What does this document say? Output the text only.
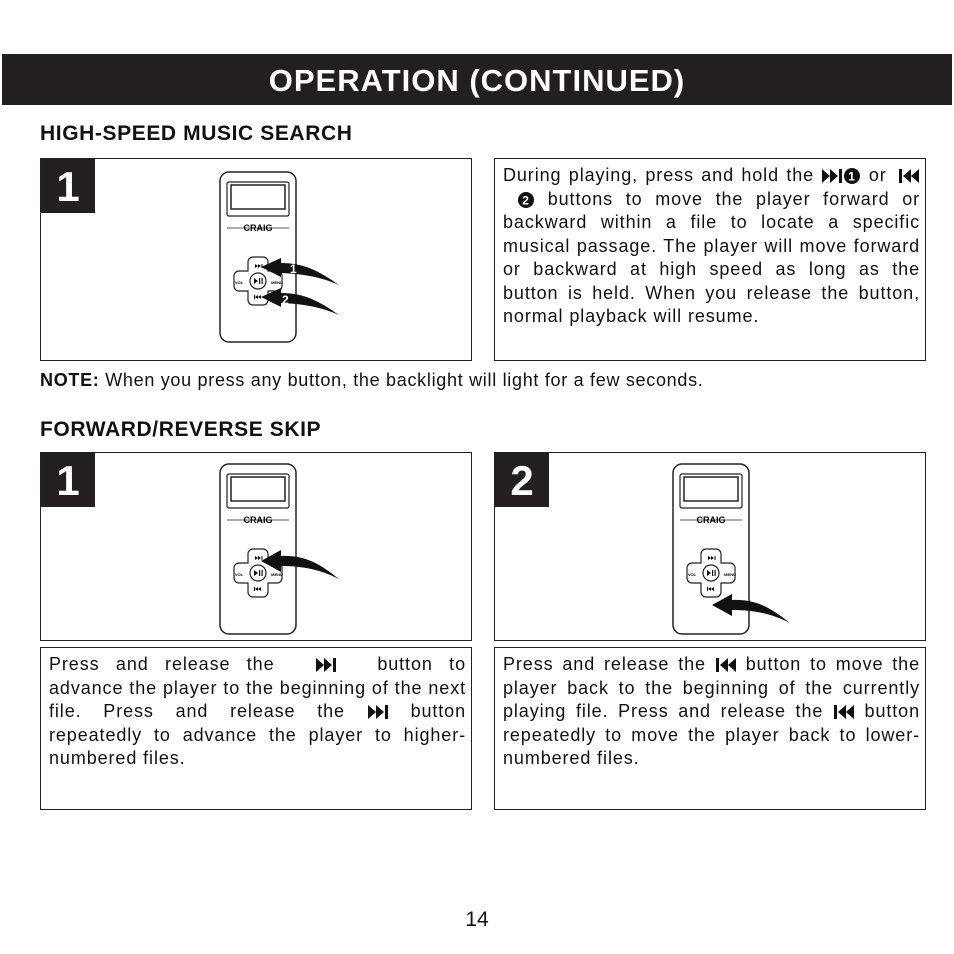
OPERATION (CONTINUED)
HIGH-SPEED MUSIC SEARCH
1
CRAIG
VOL	MENU
1
2
During playing, press and hold the	1 or
2 buttons to move the player forward or backward within a file to locate a specific musical passage. The player will move forward or backward at high speed as long as the button is held. When you release the button, normal playback will resume.
NOTE: When you press any button, the backlight will light for a few seconds.
FORWARD/REVERSE SKIP
1
CRAIG
VOL	MENU
2
CRAIG
VOL	MENU
Press and release the	button to advance the player to the beginning of the next file. Press and release the	button repeatedly to advance the player to higher-numbered files.
Press and release the button to move the player back to the beginning of the currently playing file. Press and release the button repeatedly to move the player back to lower-numbered files.
14
